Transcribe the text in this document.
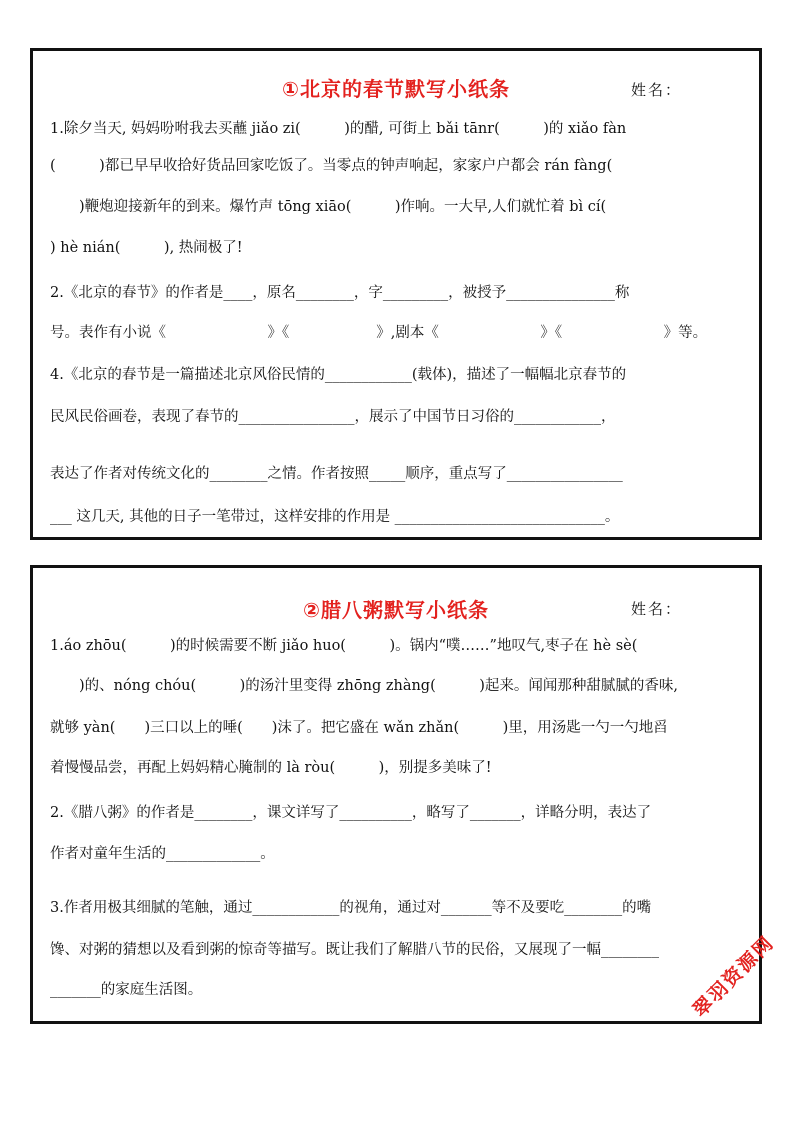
①北京的春节默写小纸条	姓名：
1.除夕当天, 妈妈吩咐我去买蘸 jiǎo zi(　　　)的醋, 可街上 bǎi tānr(　　　)的 xiǎo fàn
(　　　)都已早早收拾好货品回家吃饭了。当零点的钟声响起，家家户户都会 rán fàng(
　　)鞭炮迎接新年的到来。爆竹声 tōng xiāo(　　　)作响。一大早,人们就忙着 bì cí(
) hè nián(　　　), 热闹极了!
2.《北京的春节》的作者是____，原名________，字_________，被授予_______________称
号。表作有小说《　　　　　　　》《　　　　　　》,剧本《　　　　　　　》《　　　　　　　》等。
4.《北京的春节是一篇描述北京风俗民情的____________(载体)，描述了一幅幅北京春节的
民风民俗画卷，表现了春节的________________，展示了中国节日习俗的____________，
表达了作者对传统文化的________之情。作者按照_____顺序，重点写了________________
___ 这几天, 其他的日子一笔带过，这样安排的作用是 _____________________________。
②腊八粥默写小纸条	姓名：
1.áo zhōu(　　　)的时候需要不断 jiǎo huo(　　　)。锅内“噗……”地叹气,枣子在 hè sè(
　　)的、nóng chóu(　　　)的汤汁里变得 zhōng zhàng(　　　)起来。闻闻那种甜腻腻的香味,
就够 yàn(　　)三口以上的唾(　　)沫了。把它盛在 wǎn zhǎn(　　　)里，用汤匙一勺一勺地舀
着慢慢品尝，再配上妈妈精心腌制的 là ròu(　　　)，别提多美味了!
2.《腊八粥》的作者是________，课文详写了__________，略写了_______，详略分明，表达了
作者对童年生活的_____________。
3.作者用极其细腻的笔触，通过____________的视角，通过对_______等不及要吃________的嘴
馋、对粥的猜想以及看到粥的惊奇等描写。既让我们了解腊八节的民俗，又展现了一幅________
_______的家庭生活图。	翠羽资源网
